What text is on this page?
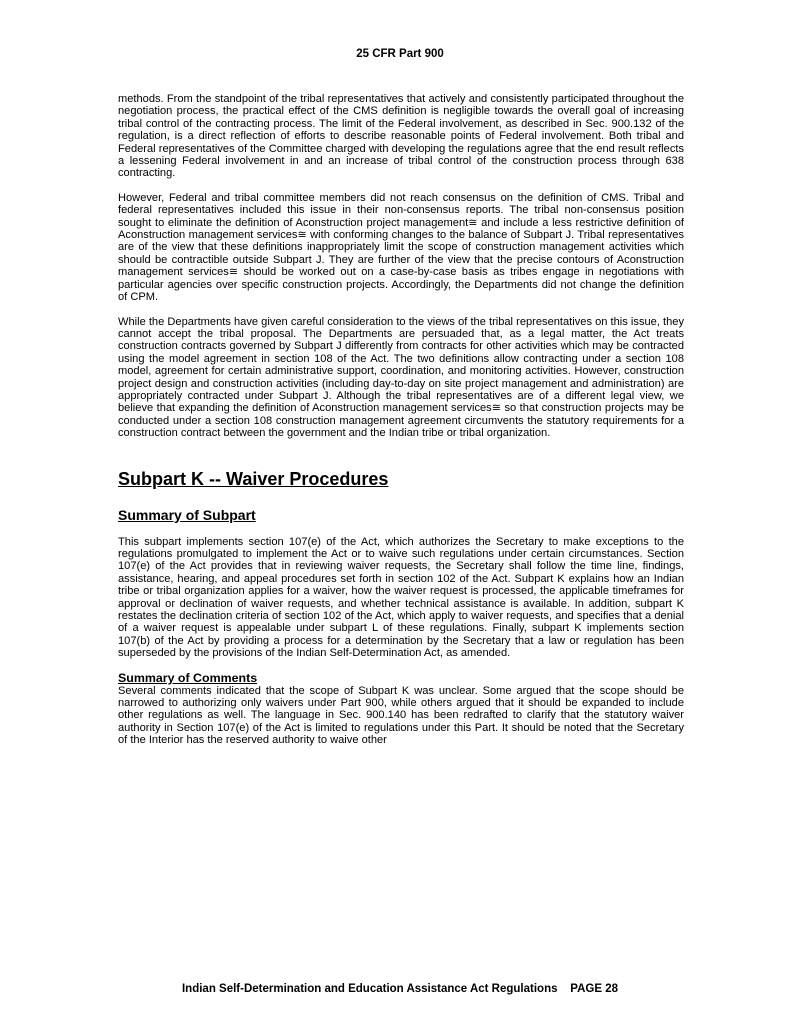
25 CFR Part 900

methods. From the standpoint of the tribal representatives that actively and consistently participated throughout the negotiation process, the practical effect of the CMS definition is negligible towards the overall goal of increasing tribal control of the contracting process. The limit of the Federal involvement, as described in Sec. 900.132 of the regulation, is a direct reflection of efforts to describe reasonable points of Federal involvement. Both tribal and Federal representatives of the Committee charged with developing the regulations agree that the end result reflects a lessening Federal involvement in and an increase of tribal control of the construction process through 638 contracting.

However, Federal and tribal committee members did not reach consensus on the definition of CMS. Tribal and federal representatives included this issue in their non-consensus reports. The tribal non-consensus position sought to eliminate the definition of Aconstruction project management≅ and include a less restrictive definition of Aconstruction management services≅ with conforming changes to the balance of Subpart J. Tribal representatives are of the view that these definitions inappropriately limit the scope of construction management activities which should be contractible outside Subpart J. They are further of the view that the precise contours of Aconstruction management services≅ should be worked out on a case-by-case basis as tribes engage in negotiations with particular agencies over specific construction projects. Accordingly, the Departments did not change the definition of CPM.

While the Departments have given careful consideration to the views of the tribal representatives on this issue, they cannot accept the tribal proposal. The Departments are persuaded that, as a legal matter, the Act treats construction contracts governed by Subpart J differently from contracts for other activities which may be contracted using the model agreement in section 108 of the Act. The two definitions allow contracting under a section 108 model, agreement for certain administrative support, coordination, and monitoring activities. However, construction project design and construction activities (including day-to-day on site project management and administration) are appropriately contracted under Subpart J. Although the tribal representatives are of a different legal view, we believe that expanding the definition of Aconstruction management services≅ so that construction projects may be conducted under a section 108 construction management agreement circumvents the statutory requirements for a construction contract between the government and the Indian tribe or tribal organization.

Subpart K -- Waiver Procedures
Summary of Subpart

This subpart implements section 107(e) of the Act, which authorizes the Secretary to make exceptions to the regulations promulgated to implement the Act or to waive such regulations under certain circumstances. Section 107(e) of the Act provides that in reviewing waiver requests, the Secretary shall follow the time line, findings, assistance, hearing, and appeal procedures set forth in section 102 of the Act. Subpart K explains how an Indian tribe or tribal organization applies for a waiver, how the waiver request is processed, the applicable timeframes for approval or declination of waiver requests, and whether technical assistance is available. In addition, subpart K restates the declination criteria of section 102 of the Act, which apply to waiver requests, and specifies that a denial of a waiver request is appealable under subpart L of these regulations. Finally, subpart K implements section 107(b) of the Act by providing a process for a determination by the Secretary that a law or regulation has been superseded by the provisions of the Indian Self-Determination Act, as amended.

Summary of Comments

Several comments indicated that the scope of Subpart K was unclear. Some argued that the scope should be narrowed to authorizing only waivers under Part 900, while others argued that it should be expanded to include other regulations as well. The language in Sec. 900.140 has been redrafted to clarify that the statutory waiver authority in Section 107(e) of the Act is limited to regulations under this Part. It should be noted that the Secretary of the Interior has the reserved authority to waive other

Indian Self-Determination and Education Assistance Act Regulations    PAGE 28
